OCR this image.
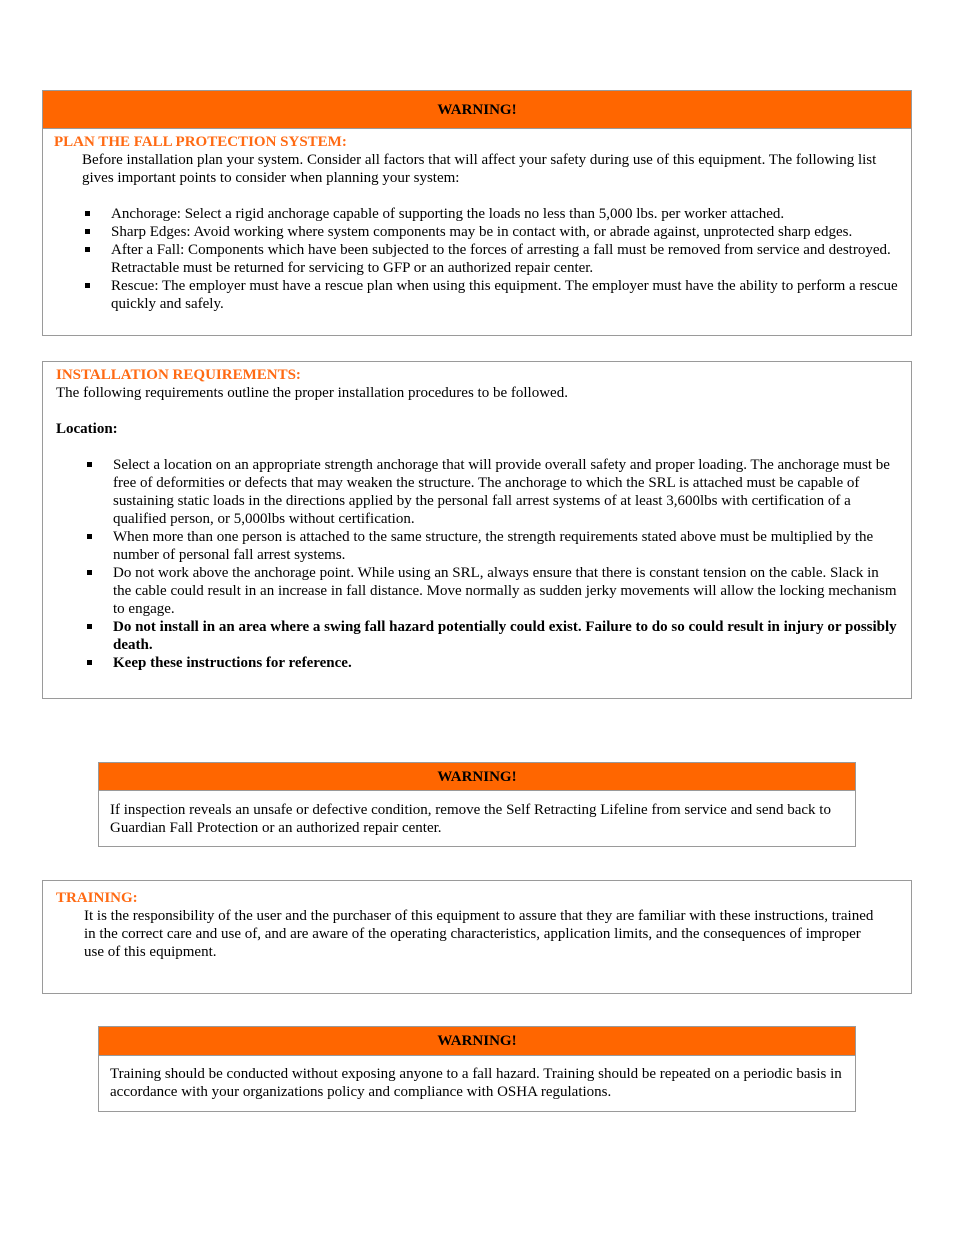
WARNING!
PLAN THE FALL PROTECTION SYSTEM:

Before installation plan your system. Consider all factors that will affect your safety during use of this equipment. The following list gives important points to consider when planning your system:

Anchorage: Select a rigid anchorage capable of supporting the loads no less than 5,000 lbs. per worker attached.
Sharp Edges: Avoid working where system components may be in contact with, or abrade against, unprotected sharp edges.
After a Fall: Components which have been subjected to the forces of arresting a fall must be removed from service and destroyed. Retractable must be returned for servicing to GFP or an authorized repair center.
Rescue: The employer must have a rescue plan when using this equipment. The employer must have the ability to perform a rescue quickly and safely.
INSTALLATION REQUIREMENTS:

The following requirements outline the proper installation procedures to be followed.

Location:

Select a location on an appropriate strength anchorage that will provide overall safety and proper loading. The anchorage must be free of deformities or defects that may weaken the structure. The anchorage to which the SRL is attached must be capable of sustaining static loads in the directions applied by the personal fall arrest systems of at least 3,600lbs with certification of a qualified person, or 5,000lbs without certification.
When more than one person is attached to the same structure, the strength requirements stated above must be multiplied by the number of personal fall arrest systems.
Do not work above the anchorage point. While using an SRL, always ensure that there is constant tension on the cable. Slack in the cable could result in an increase in fall distance. Move normally as sudden jerky movements will allow the locking mechanism to engage.
Do not install in an area where a swing fall hazard potentially could exist. Failure to do so could result in injury or possibly death.
Keep these instructions for reference.
WARNING!

If inspection reveals an unsafe or defective condition, remove the Self Retracting Lifeline from service and send back to Guardian Fall Protection or an authorized repair center.

TRAINING:

It is the responsibility of the user and the purchaser of this equipment to assure that they are familiar with these instructions, trained in the correct care and use of, and are aware of the operating characteristics, application limits, and the consequences of improper use of this equipment.

WARNING!

Training should be conducted without exposing anyone to a fall hazard. Training should be repeated on a periodic basis in accordance with your organizations policy and compliance with OSHA regulations.
